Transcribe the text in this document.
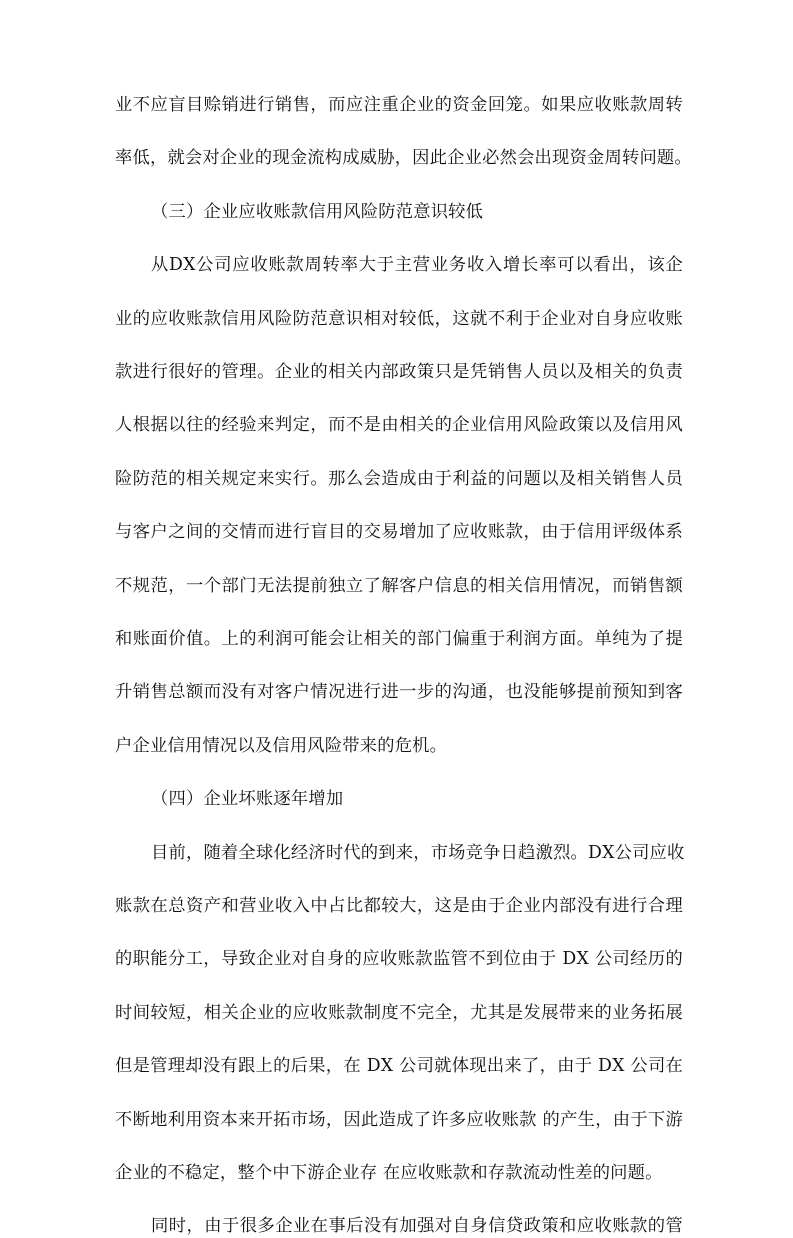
业不应盲目赊销进行销售，而应注重企业的资金回笼。如果应收账款周转
率低，就会对企业的现金流构成威胁，因此企业必然会出现资金周转问题。
（三）企业应收账款信用风险防范意识较低
从DX公司应收账款周转率大于主营业务收入增长率可以看出，该企
业的应收账款信用风险防范意识相对较低，这就不利于企业对自身应收账
款进行很好的管理。企业的相关内部政策只是凭销售人员以及相关的负责
人根据以往的经验来判定，而不是由相关的企业信用风险政策以及信用风
险防范的相关规定来实行。那么会造成由于利益的问题以及相关销售人员
与客户之间的交情而进行盲目的交易增加了应收账款，由于信用评级体系
不规范，一个部门无法提前独立了解客户信息的相关信用情况，而销售额
和账面价值。上的利润可能会让相关的部门偏重于利润方面。单纯为了提
升销售总额而没有对客户情况进行进一步的沟通，也没能够提前预知到客
户企业信用情况以及信用风险带来的危机。
（四）企业坏账逐年增加
目前，随着全球化经济时代的到来，市场竞争日趋激烈。DX公司应收
账款在总资产和营业收入中占比都较大，这是由于企业内部没有进行合理
的职能分工，导致企业对自身的应收账款监管不到位由于 DX 公司经历的
时间较短，相关企业的应收账款制度不完全，尤其是发展带来的业务拓展
但是管理却没有跟上的后果，在 DX 公司就体现出来了，由于 DX 公司在
不断地利用资本来开拓市场，因此造成了许多应收账款 的产生，由于下游
企业的不稳定，整个中下游企业存 在应收账款和存款流动性差的问题。
同时，由于很多企业在事后没有加强对自身信贷政策和应收账款的管
